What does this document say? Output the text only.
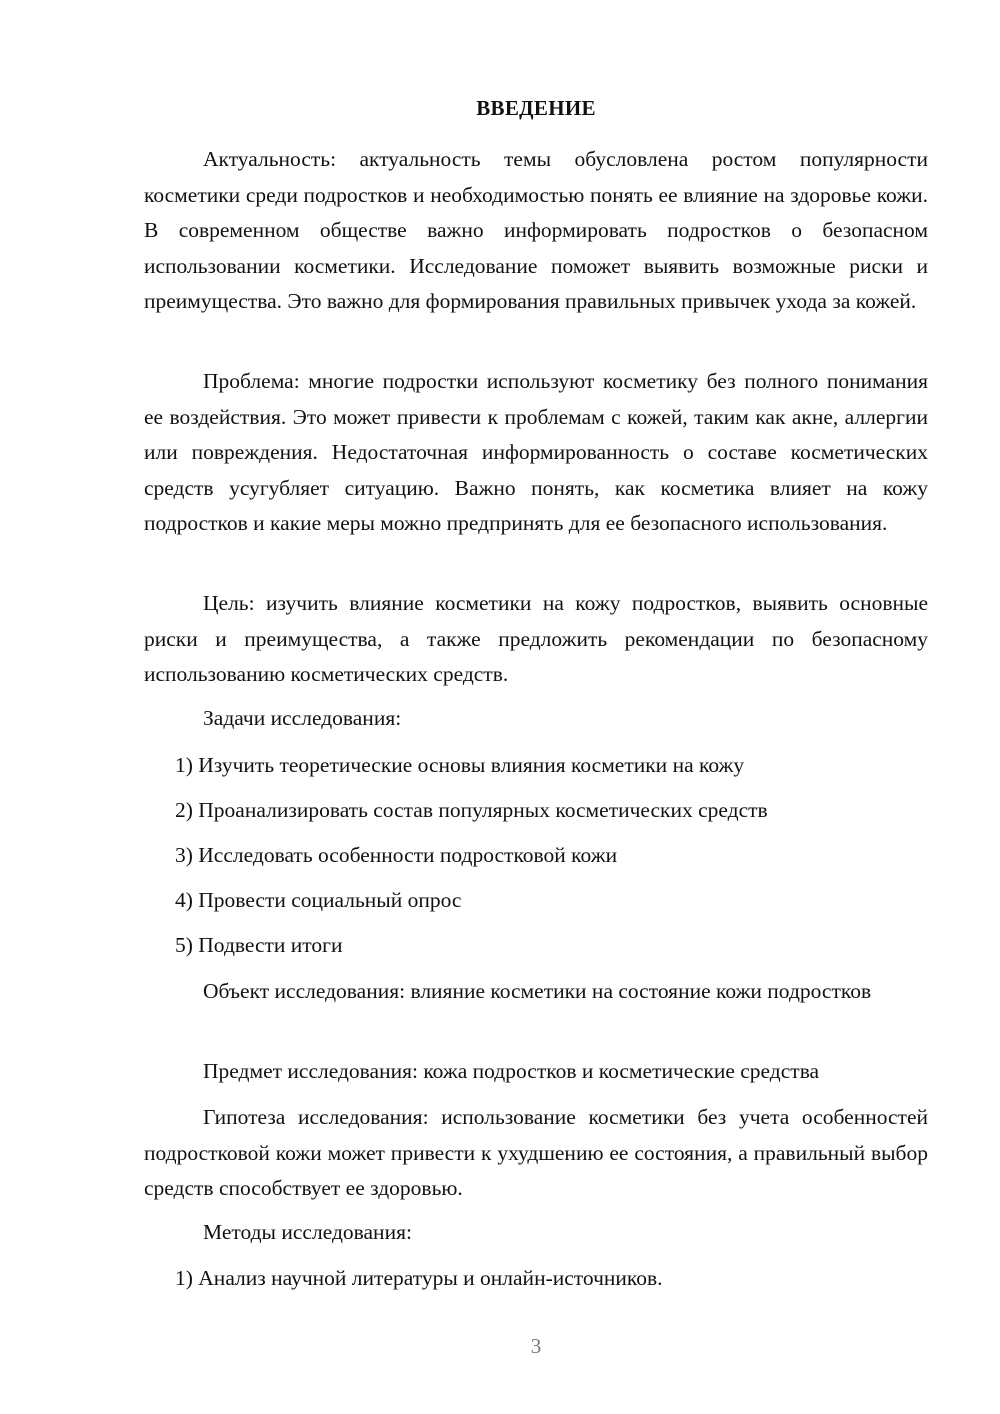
ВВЕДЕНИЕ

Актуальность: актуальность темы обусловлена ростом популярности косметики среди подростков и необходимостью понять ее влияние на здоровье кожи. В современном обществе важно информировать подростков о безопасном использовании косметики. Исследование поможет выявить возможные риски и преимущества. Это важно для формирования правильных привычек ухода за кожей.

Проблема: многие подростки используют косметику без полного понимания ее воздействия. Это может привести к проблемам с кожей, таким как акне, аллергии или повреждения. Недостаточная информированность о составе косметических средств усугубляет ситуацию. Важно понять, как косметика влияет на кожу подростков и какие меры можно предпринять для ее безопасного использования.

Цель: изучить влияние косметики на кожу подростков, выявить основные риски и преимущества, а также предложить рекомендации по безопасному использованию косметических средств.

Задачи исследования:

1) Изучить теоретические основы влияния косметики на кожу
2) Проанализировать состав популярных косметических средств
3) Исследовать особенности подростковой кожи
4) Провести социальный опрос
5) Подвести итоги

Объект исследования: влияние косметики на состояние кожи подростков

Предмет исследования: кожа подростков и косметические средства

Гипотеза исследования: использование косметики без учета особенностей подростковой кожи может привести к ухудшению ее состояния, а правильный выбор средств способствует ее здоровью.

Методы исследования:

1) Анализ научной литературы и онлайн-источников.
3
